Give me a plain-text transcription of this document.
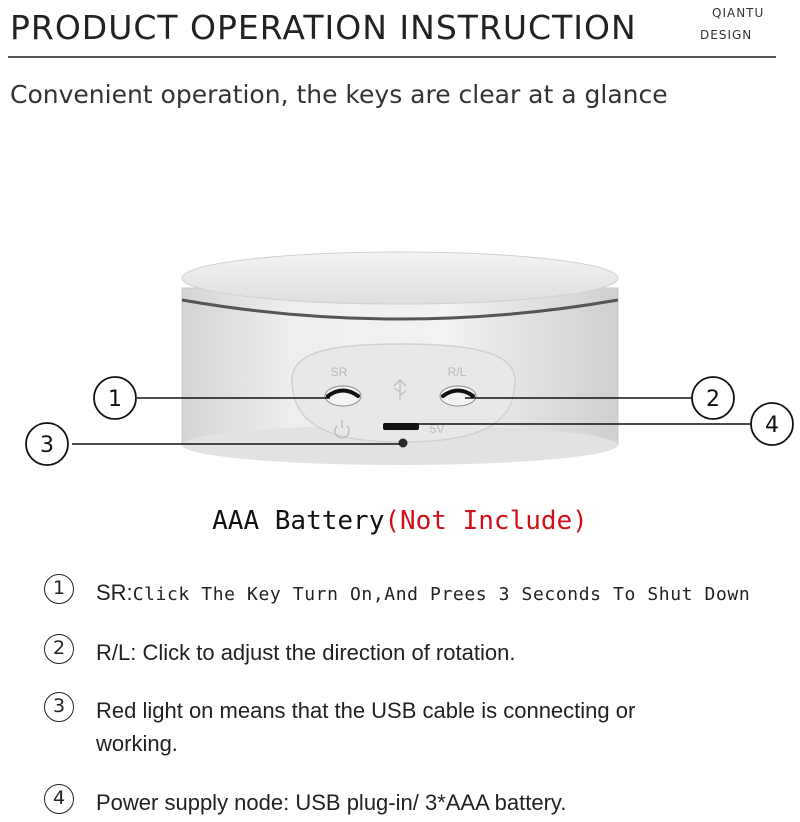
PRODUCT OPERATION INSTRUCTION	QIANTU
DESIGN
Convenient operation, the keys are clear at a glance
SR	R/L
5V
1	2
3
4
AAA Battery(Not Include)
1	SR:Click The Key Turn On,And Prees 3 Seconds To Shut Down
2	R/L: Click to adjust the direction of rotation.
3	Red light on means that the USB cable is connecting or working.
4	Power supply node: USB plug-in/ 3*AAA battery.
